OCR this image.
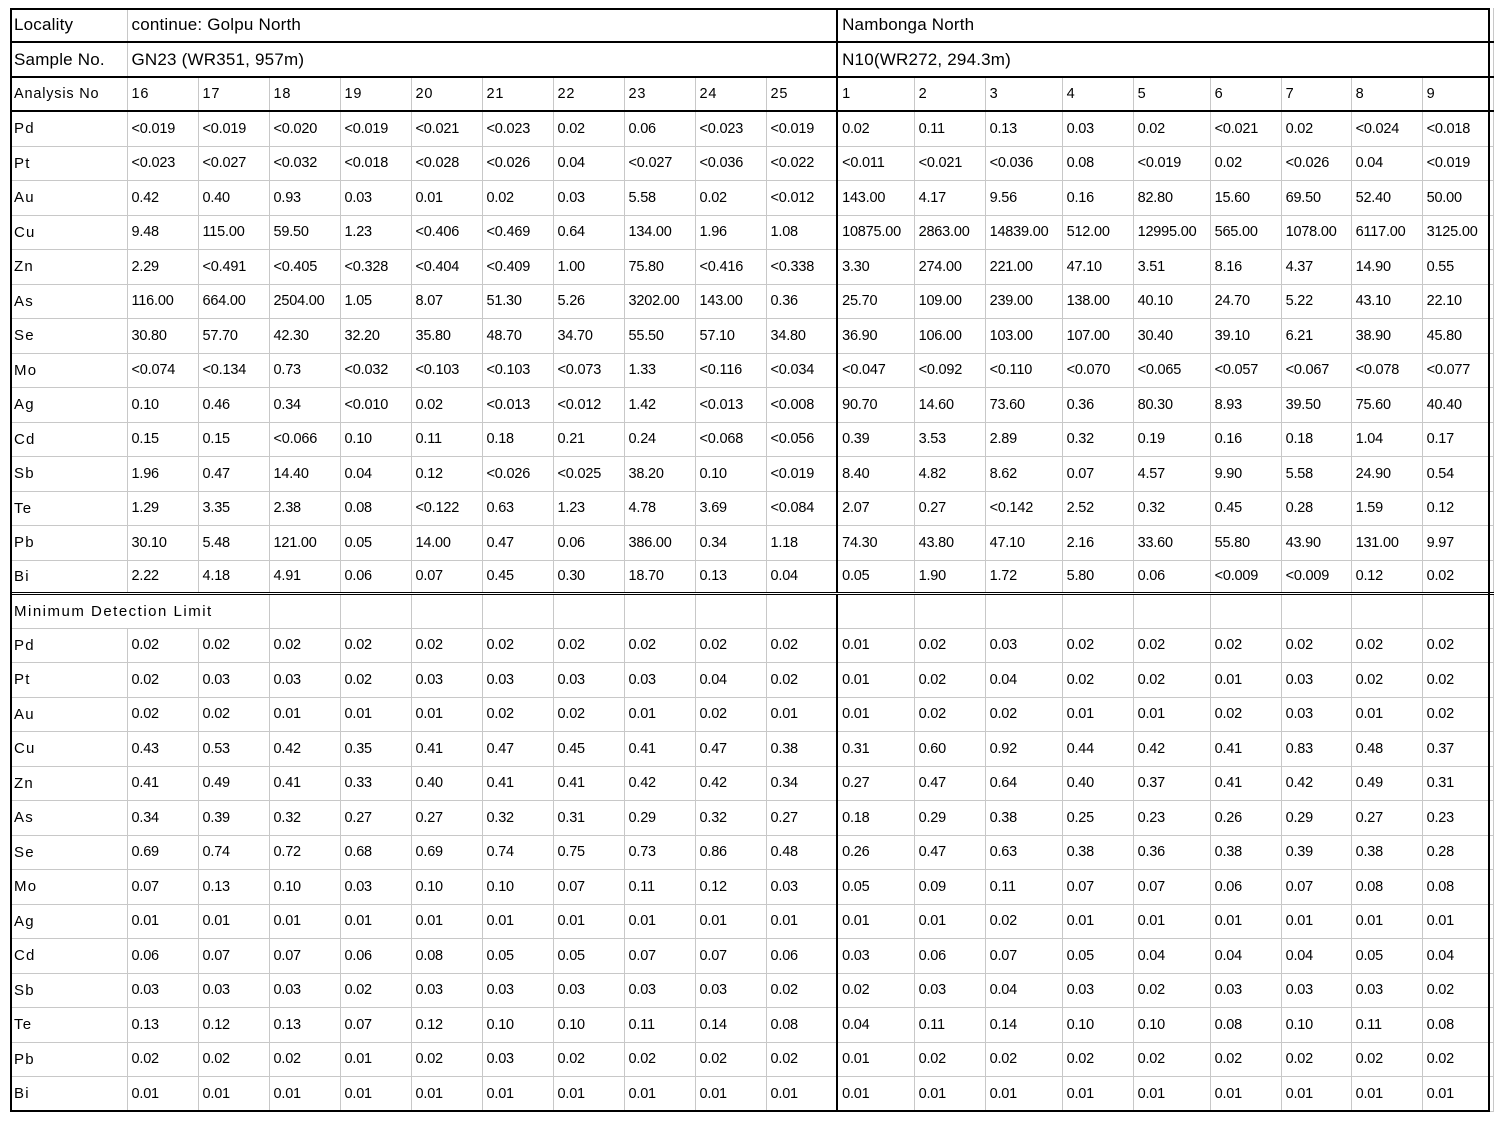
Locality	continue: Golpu North										Nambonga North								
Sample No.	GN23 (WR351, 957m)										N10(WR272, 294.3m)								
Analysis No	16	17	18	19	20	21	22	23	24	25	1	2	3	4	5	6	7	8	9
Pd	<0.019	<0.019	<0.020	<0.019	<0.021	<0.023	0.02	0.06	<0.023	<0.019	0.02	0.11	0.13	0.03	0.02	<0.021	0.02	<0.024	<0.018
Pt	<0.023	<0.027	<0.032	<0.018	<0.028	<0.026	0.04	<0.027	<0.036	<0.022	<0.011	<0.021	<0.036	0.08	<0.019	0.02	<0.026	0.04	<0.019
Au	0.42	0.40	0.93	0.03	0.01	0.02	0.03	5.58	0.02	<0.012	143.00	4.17	9.56	0.16	82.80	15.60	69.50	52.40	50.00
Cu	9.48	115.00	59.50	1.23	<0.406	<0.469	0.64	134.00	1.96	1.08	10875.00	2863.00	14839.00	512.00	12995.00	565.00	1078.00	6117.00	3125.00
Zn	2.29	<0.491	<0.405	<0.328	<0.404	<0.409	1.00	75.80	<0.416	<0.338	3.30	274.00	221.00	47.10	3.51	8.16	4.37	14.90	0.55
As	116.00	664.00	2504.00	1.05	8.07	51.30	5.26	3202.00	143.00	0.36	25.70	109.00	239.00	138.00	40.10	24.70	5.22	43.10	22.10
Se	30.80	57.70	42.30	32.20	35.80	48.70	34.70	55.50	57.10	34.80	36.90	106.00	103.00	107.00	30.40	39.10	6.21	38.90	45.80
Mo	<0.074	<0.134	0.73	<0.032	<0.103	<0.103	<0.073	1.33	<0.116	<0.034	<0.047	<0.092	<0.110	<0.070	<0.065	<0.057	<0.067	<0.078	<0.077
Ag	0.10	0.46	0.34	<0.010	0.02	<0.013	<0.012	1.42	<0.013	<0.008	90.70	14.60	73.60	0.36	80.30	8.93	39.50	75.60	40.40
Cd	0.15	0.15	<0.066	0.10	0.11	0.18	0.21	0.24	<0.068	<0.056	0.39	3.53	2.89	0.32	0.19	0.16	0.18	1.04	0.17
Sb	1.96	0.47	14.40	0.04	0.12	<0.026	<0.025	38.20	0.10	<0.019	8.40	4.82	8.62	0.07	4.57	9.90	5.58	24.90	0.54
Te	1.29	3.35	2.38	0.08	<0.122	0.63	1.23	4.78	3.69	<0.084	2.07	0.27	<0.142	2.52	0.32	0.45	0.28	1.59	0.12
Pb	30.10	5.48	121.00	0.05	14.00	0.47	0.06	386.00	0.34	1.18	74.30	43.80	47.10	2.16	33.60	55.80	43.90	131.00	9.97
Bi	2.22	4.18	4.91	0.06	0.07	0.45	0.30	18.70	0.13	0.04	0.05	1.90	1.72	5.80	0.06	<0.009	<0.009	0.12	0.02
Minimum Detection Limit																			
Pd	0.02	0.02	0.02	0.02	0.02	0.02	0.02	0.02	0.02	0.02	0.01	0.02	0.03	0.02	0.02	0.02	0.02	0.02	0.02
Pt	0.02	0.03	0.03	0.02	0.03	0.03	0.03	0.03	0.04	0.02	0.01	0.02	0.04	0.02	0.02	0.01	0.03	0.02	0.02
Au	0.02	0.02	0.01	0.01	0.01	0.02	0.02	0.01	0.02	0.01	0.01	0.02	0.02	0.01	0.01	0.02	0.03	0.01	0.02
Cu	0.43	0.53	0.42	0.35	0.41	0.47	0.45	0.41	0.47	0.38	0.31	0.60	0.92	0.44	0.42	0.41	0.83	0.48	0.37
Zn	0.41	0.49	0.41	0.33	0.40	0.41	0.41	0.42	0.42	0.34	0.27	0.47	0.64	0.40	0.37	0.41	0.42	0.49	0.31
As	0.34	0.39	0.32	0.27	0.27	0.32	0.31	0.29	0.32	0.27	0.18	0.29	0.38	0.25	0.23	0.26	0.29	0.27	0.23
Se	0.69	0.74	0.72	0.68	0.69	0.74	0.75	0.73	0.86	0.48	0.26	0.47	0.63	0.38	0.36	0.38	0.39	0.38	0.28
Mo	0.07	0.13	0.10	0.03	0.10	0.10	0.07	0.11	0.12	0.03	0.05	0.09	0.11	0.07	0.07	0.06	0.07	0.08	0.08
Ag	0.01	0.01	0.01	0.01	0.01	0.01	0.01	0.01	0.01	0.01	0.01	0.01	0.02	0.01	0.01	0.01	0.01	0.01	0.01
Cd	0.06	0.07	0.07	0.06	0.08	0.05	0.05	0.07	0.07	0.06	0.03	0.06	0.07	0.05	0.04	0.04	0.04	0.05	0.04
Sb	0.03	0.03	0.03	0.02	0.03	0.03	0.03	0.03	0.03	0.02	0.02	0.03	0.04	0.03	0.02	0.03	0.03	0.03	0.02
Te	0.13	0.12	0.13	0.07	0.12	0.10	0.10	0.11	0.14	0.08	0.04	0.11	0.14	0.10	0.10	0.08	0.10	0.11	0.08
Pb	0.02	0.02	0.02	0.01	0.02	0.03	0.02	0.02	0.02	0.02	0.01	0.02	0.02	0.02	0.02	0.02	0.02	0.02	0.02
Bi	0.01	0.01	0.01	0.01	0.01	0.01	0.01	0.01	0.01	0.01	0.01	0.01	0.01	0.01	0.01	0.01	0.01	0.01	0.01
